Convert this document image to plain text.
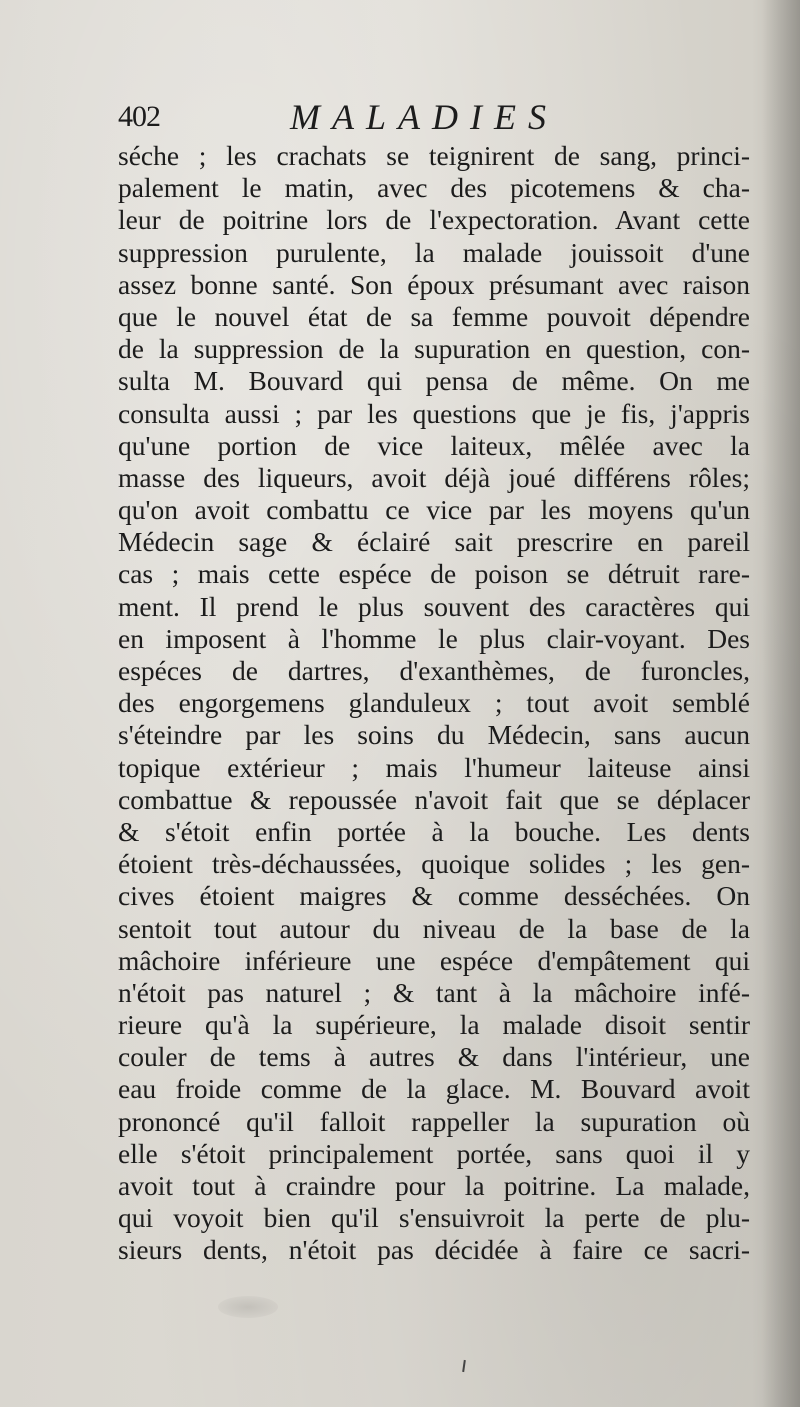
402	MALADIES
séche ; les crachats se teignirent de sang, princi-
palement le matin, avec des picotemens & cha-
leur de poitrine lors de l'expectoration. Avant cette
suppression purulente, la malade jouissoit d'une
assez bonne santé. Son époux présumant avec raison
que le nouvel état de sa femme pouvoit dépendre
de la suppression de la supuration en question, con-
sulta M. Bouvard qui pensa de même. On me
consulta aussi ; par les questions que je fis, j'appris
qu'une portion de vice laiteux, mêlée avec la
masse des liqueurs, avoit déjà joué différens rôles;
qu'on avoit combattu ce vice par les moyens qu'un
Médecin sage & éclairé sait prescrire en pareil
cas ; mais cette espéce de poison se détruit rare-
ment. Il prend le plus souvent des caractères qui
en imposent à l'homme le plus clair-voyant. Des
espéces de dartres, d'exanthèmes, de furoncles,
des engorgemens glanduleux ; tout avoit semblé
s'éteindre par les soins du Médecin, sans aucun
topique extérieur ; mais l'humeur laiteuse ainsi
combattue & repoussée n'avoit fait que se déplacer
& s'étoit enfin portée à la bouche. Les dents
étoient très-déchaussées, quoique solides ; les gen-
cives étoient maigres & comme desséchées. On
sentoit tout autour du niveau de la base de la
mâchoire inférieure une espéce d'empâtement qui
n'étoit pas naturel ; & tant à la mâchoire infé-
rieure qu'à la supérieure, la malade disoit sentir
couler de tems à autres & dans l'intérieur, une
eau froide comme de la glace. M. Bouvard avoit
prononcé qu'il falloit rappeller la supuration où
elle s'étoit principalement portée, sans quoi il y
avoit tout à craindre pour la poitrine. La malade,
qui voyoit bien qu'il s'ensuivroit la perte de plu-
sieurs dents, n'étoit pas décidée à faire ce sacri-
